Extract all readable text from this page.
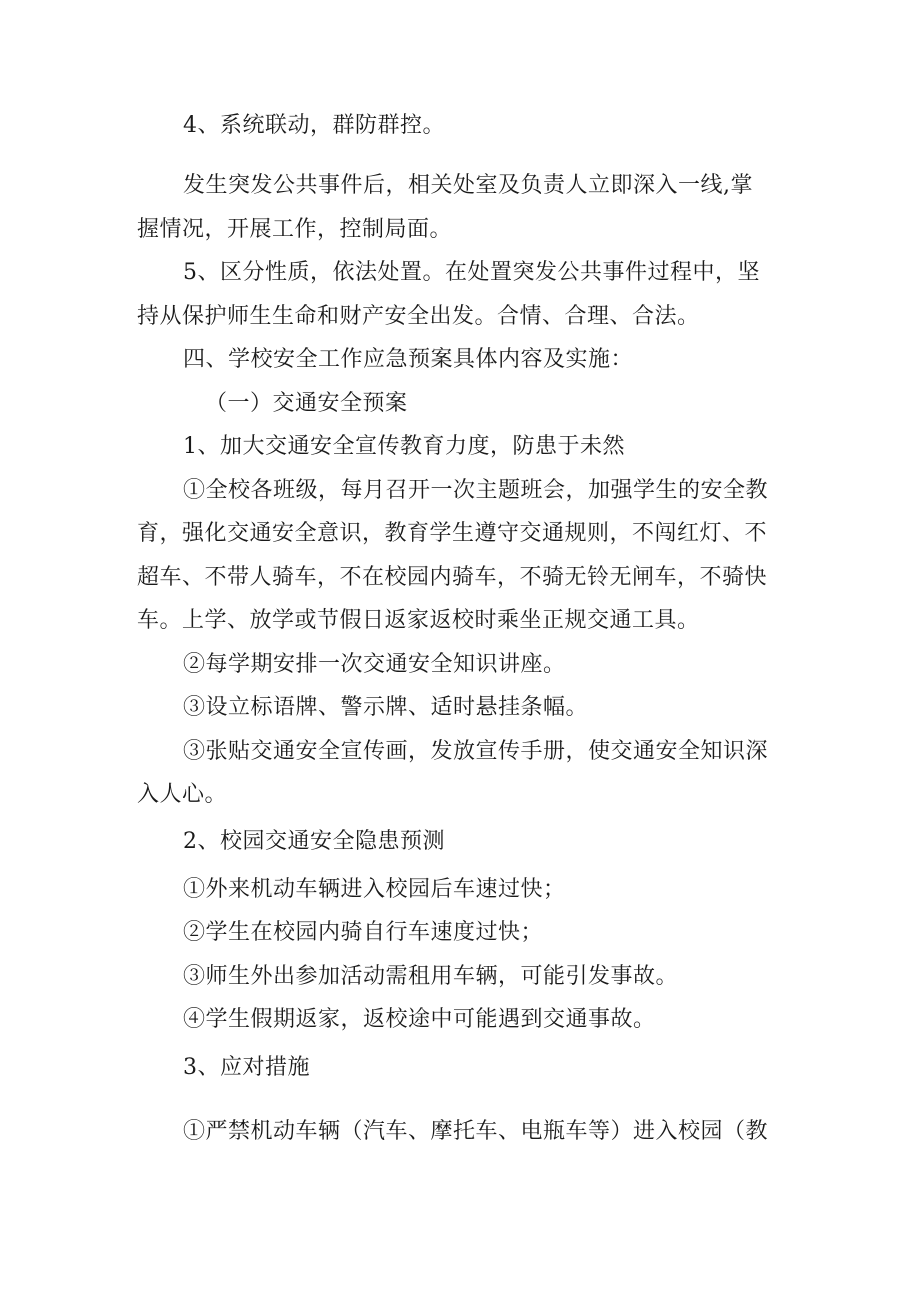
4、系统联动，群防群控。
发生突发公共事件后，相关处室及负责人立即深入一线,掌
握情况，开展工作，控制局面。
5、区分性质，依法处置。在处置突发公共事件过程中，坚
持从保护师生生命和财产安全出发。合情、合理、合法。
四、学校安全工作应急预案具体内容及实施：
（一）交通安全预案
1、加大交通安全宣传教育力度，防患于未然
①全校各班级，每月召开一次主题班会，加强学生的安全教
育，强化交通安全意识，教育学生遵守交通规则，不闯红灯、不
超车、不带人骑车，不在校园内骑车，不骑无铃无闸车，不骑快
车。上学、放学或节假日返家返校时乘坐正规交通工具。
②每学期安排一次交通安全知识讲座。
③设立标语牌、警示牌、适时悬挂条幅。
③张贴交通安全宣传画，发放宣传手册，使交通安全知识深
入人心。
2、校园交通安全隐患预测
①外来机动车辆进入校园后车速过快；
②学生在校园内骑自行车速度过快；
③师生外出参加活动需租用车辆，可能引发事故。
④学生假期返家，返校途中可能遇到交通事故。
3、应对措施
①严禁机动车辆（汽车、摩托车、电瓶车等）进入校园（教
